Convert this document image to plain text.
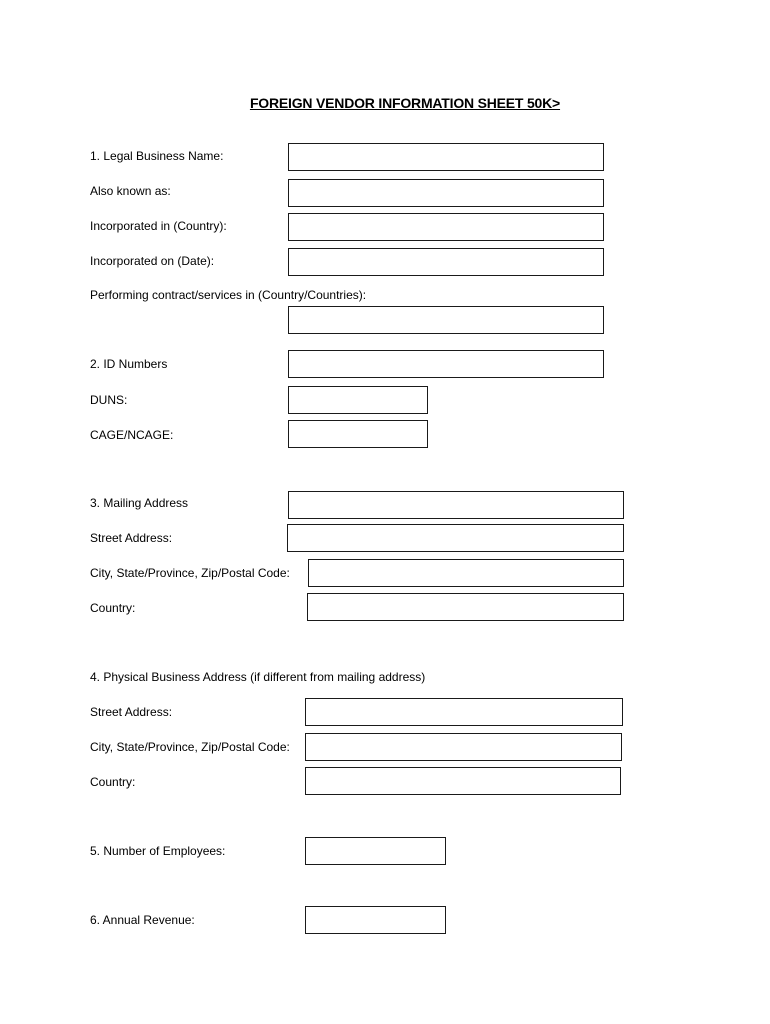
FOREIGN VENDOR INFORMATION SHEET 50K>
1. Legal Business Name:
Also known as:
Incorporated in (Country):
Incorporated on (Date):
Performing contract/services in (Country/Countries):
2. ID Numbers
DUNS:
CAGE/NCAGE:
3. Mailing Address
Street Address:
City, State/Province, Zip/Postal Code:
Country:
4. Physical Business Address (if different from mailing address)
Street Address:
City, State/Province, Zip/Postal Code:
Country:
5. Number of Employees:
6. Annual Revenue:
